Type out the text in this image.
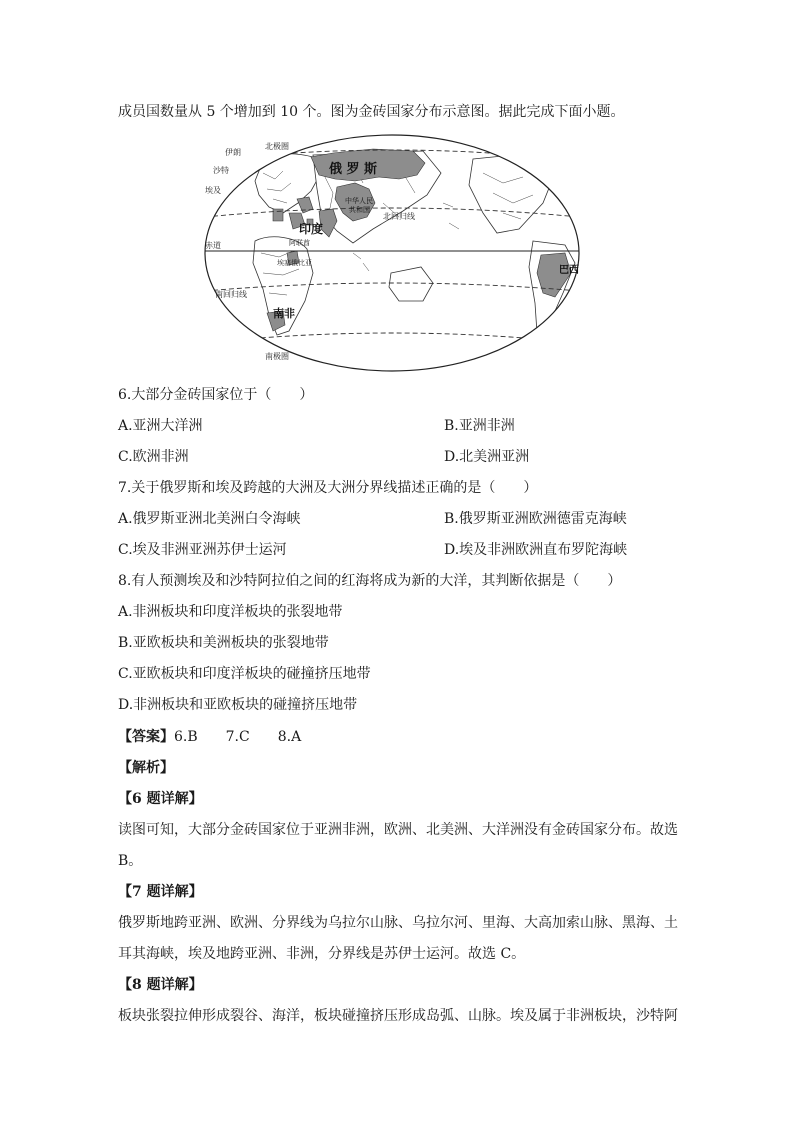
成员国数量从 5 个增加到 10 个。图为金砖国家分布示意图。据此完成下面小题。
北极圈
伊朗
沙特
埃及
俄 罗 斯
中华人民
共和国
印度
阿联酋
北回归线
赤道
埃塞俄比亚
南回归线
南非
巴西
南极圈
6.大部分金砖国家位于（　　）
A.亚洲大洋洲	B.亚洲非洲
C.欧洲非洲	D.北美洲亚洲
7.关于俄罗斯和埃及跨越的大洲及大洲分界线描述正确的是（　　）
A.俄罗斯亚洲北美洲白令海峡	B.俄罗斯亚洲欧洲德雷克海峡
C.埃及非洲亚洲苏伊士运河	D.埃及非洲欧洲直布罗陀海峡
8.有人预测埃及和沙特阿拉伯之间的红海将成为新的大洋，其判断依据是（　　）
A.非洲板块和印度洋板块的张裂地带
B.亚欧板块和美洲板块的张裂地带
C.亚欧板块和印度洋板块的碰撞挤压地带
D.非洲板块和亚欧板块的碰撞挤压地带
【答案】6.B　　7.C　　8.A
【解析】
【6 题详解】
读图可知，大部分金砖国家位于亚洲非洲，欧洲、北美洲、大洋洲没有金砖国家分布。故选
B。
【7 题详解】
俄罗斯地跨亚洲、欧洲、分界线为乌拉尔山脉、乌拉尔河、里海、大高加索山脉、黑海、土
耳其海峡，埃及地跨亚洲、非洲，分界线是苏伊士运河。故选 C。
【8 题详解】
板块张裂拉伸形成裂谷、海洋，板块碰撞挤压形成岛弧、山脉。埃及属于非洲板块，沙特阿
